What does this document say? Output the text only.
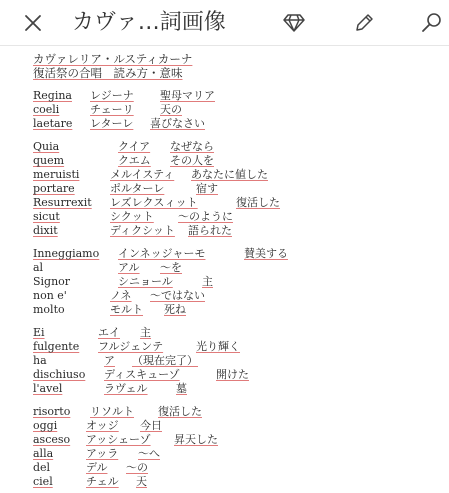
カヴァ…詞画像
カヴァレリア・ルスティカーナ
復活祭の合唱　読み方・意味
Regina レジーナ 聖母マリア
coeli	チェーリ 天の
laetare レターレ 喜びなさい
Quia	クイア なぜなら
quem	クエム その人を
meruisti	メルイスティ あなたに値した
portare	ポルターレ	宿す
Resurrexit レズレクスィット	復活した
sicut	シクット ～のように
dixit	ディクシット 語られた
Inneggiamo インネッジャーモ	賛美する
al	アル ～を
Signor	シニョール	主
non e'	ノネ ～ではない
molto	モルト 死ね
Ei	エイ 主
fulgente フルジェンテ	光り輝く
ha	ア （現在完了）
dischiuso ディスキューゾ	開けた
l'avel	ラヴェル	墓
risorto リソルト 復活した
oggi	オッジ 今日
asceso アッシェーゾ 昇天した
alla	アッラ ～へ
del	デル ～の
ciel	チェル 天
